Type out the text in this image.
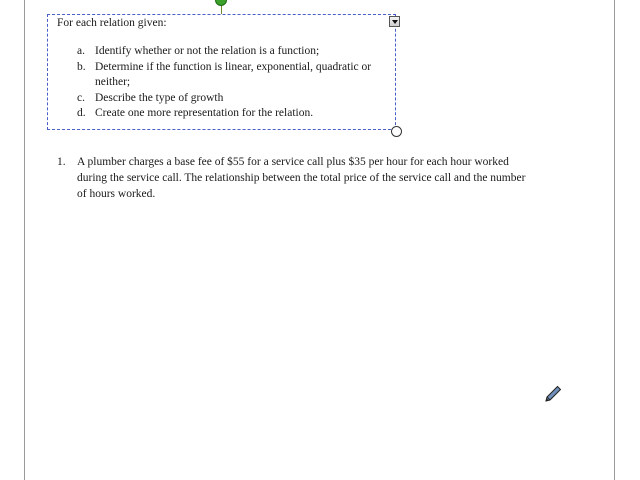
For each relation given:
a. Identify whether or not the relation is a function;
b. Determine if the function is linear, exponential, quadratic or neither;
c. Describe the type of growth
d. Create one more representation for the relation.
1. A plumber charges a base fee of $55 for a service call plus $35 per hour for each hour worked during the service call. The relationship between the total price of the service call and the number of hours worked.
